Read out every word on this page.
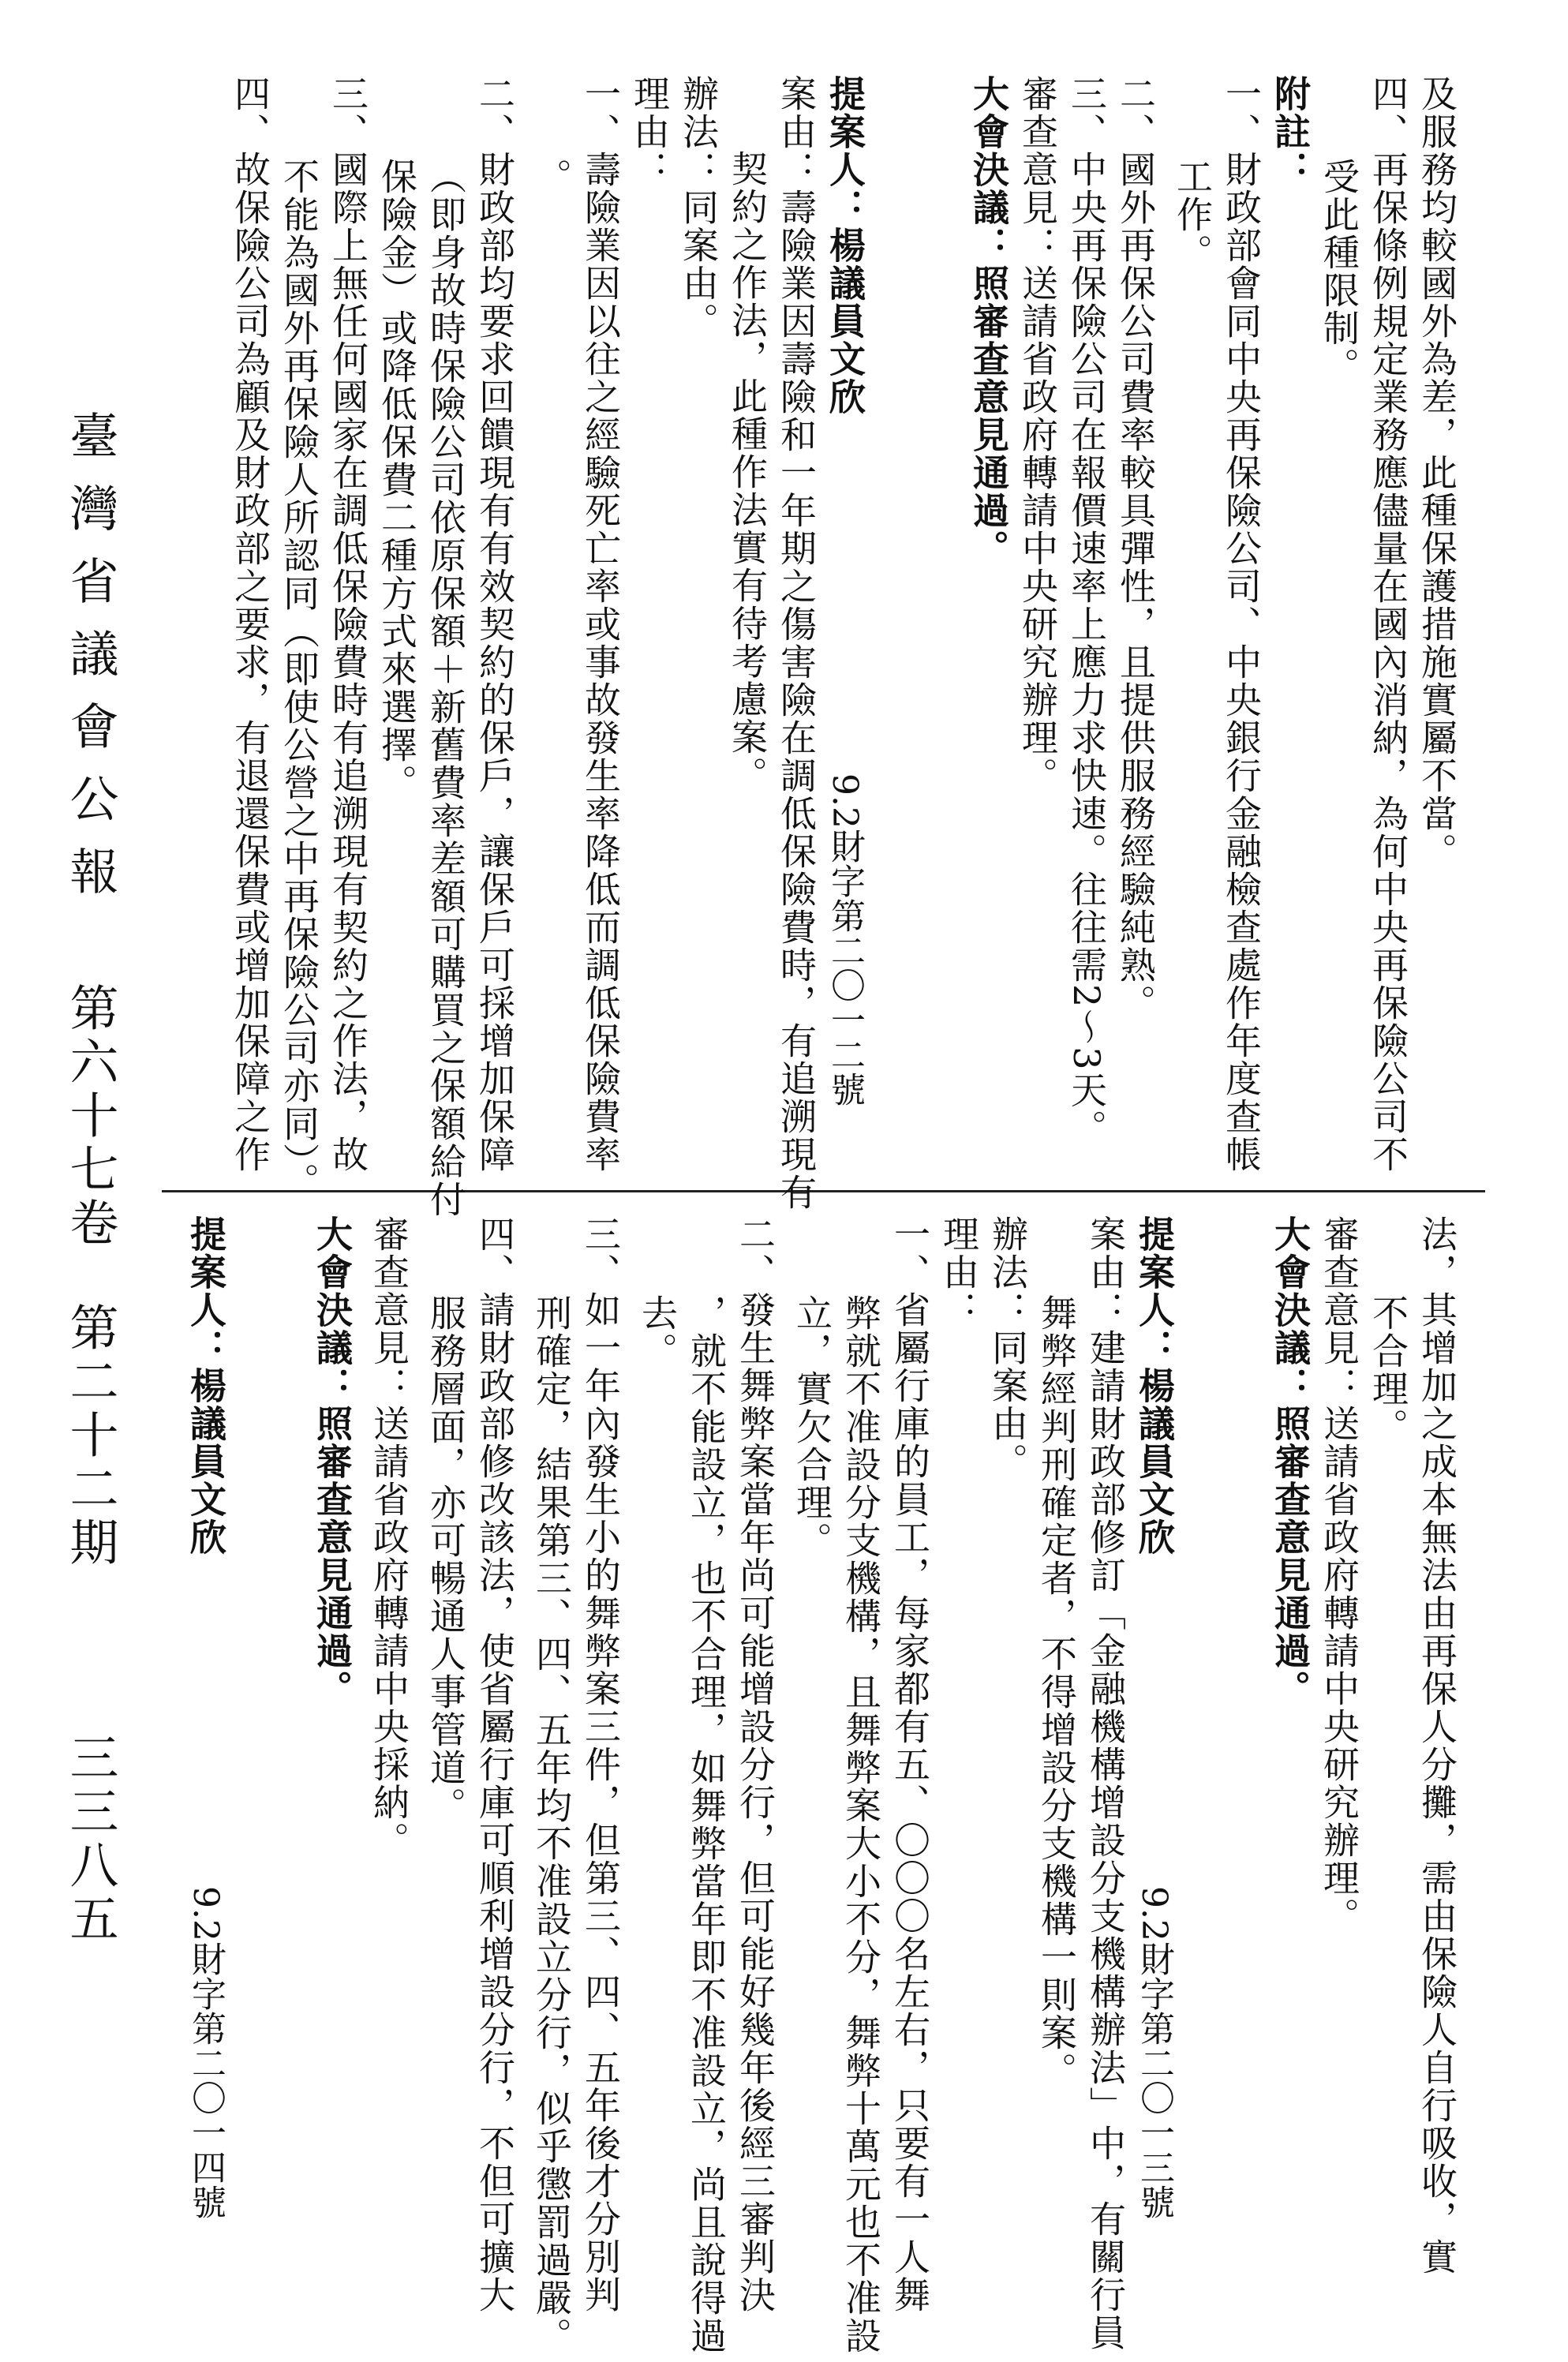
臺灣省議會公報
第六十七卷
第二十二期
三三八五
及服務均較國外為差，此種保護措施實屬不當。
四、再保條例規定業務應儘量在國內消納，為何中央再保險公司不
受此種限制。
附註：
一、財政部會同中央再保險公司、中央銀行金融檢查處作年度查帳
工作。
二、國外再保公司費率較具彈性，且提供服務經驗純熟。
三、中央再保險公司在報價速率上應力求快速。往往需2～3天。
審查意見：送請省政府轉請中央研究辦理。
大會決議：照審查意見通過。
提案人：楊議員文欣
9.2財字第二〇一二號
案由：壽險業因壽險和一年期之傷害險在調低保險費時，有追溯現有
契約之作法，此種作法實有待考慮案。
辦法：同案由。
理由：
一、壽險業因以往之經驗死亡率或事故發生率降低而調低保險費率
。
二、財政部均要求回饋現有有效契約的保戶，讓保戶可採增加保障
（即身故時保險公司依原保額＋新舊費率差額可購買之保額給付
保險金）或降低保費二種方式來選擇。
三、國際上無任何國家在調低保險費時有追溯現有契約之作法，故
不能為國外再保險人所認同（即使公營之中再保險公司亦同）。
四、故保險公司為顧及財政部之要求，有退還保費或增加保障之作
法，其增加之成本無法由再保人分攤，需由保險人自行吸收，實
不合理。
審查意見：送請省政府轉請中央研究辦理。
大會決議：照審查意見通過。
提案人：楊議員文欣
9.2財字第二〇一三號
案由：建請財政部修訂「金融機構增設分支機構辦法」中，有關行員
舞弊經判刑確定者，不得增設分支機構一則案。
辦法：同案由。
理由：
一、省屬行庫的員工，每家都有五、〇〇〇名左右，只要有一人舞
弊就不准設分支機構，且舞弊案大小不分，舞弊十萬元也不准設
立，實欠合理。
二、發生舞弊案當年尚可能增設分行，但可能好幾年後經三審判決
，就不能設立，也不合理，如舞弊當年即不准設立，尚且說得過
去。
三、如一年內發生小的舞弊案三件，但第三、四、五年後才分別判
刑確定，結果第三、四、五年均不准設立分行，似乎懲罰過嚴。
四、請財政部修改該法，使省屬行庫可順利增設分行，不但可擴大
服務層面，亦可暢通人事管道。
審查意見：送請省政府轉請中央採納。
大會決議：照審查意見通過。
提案人：楊議員文欣
9.2財字第二〇一四號
